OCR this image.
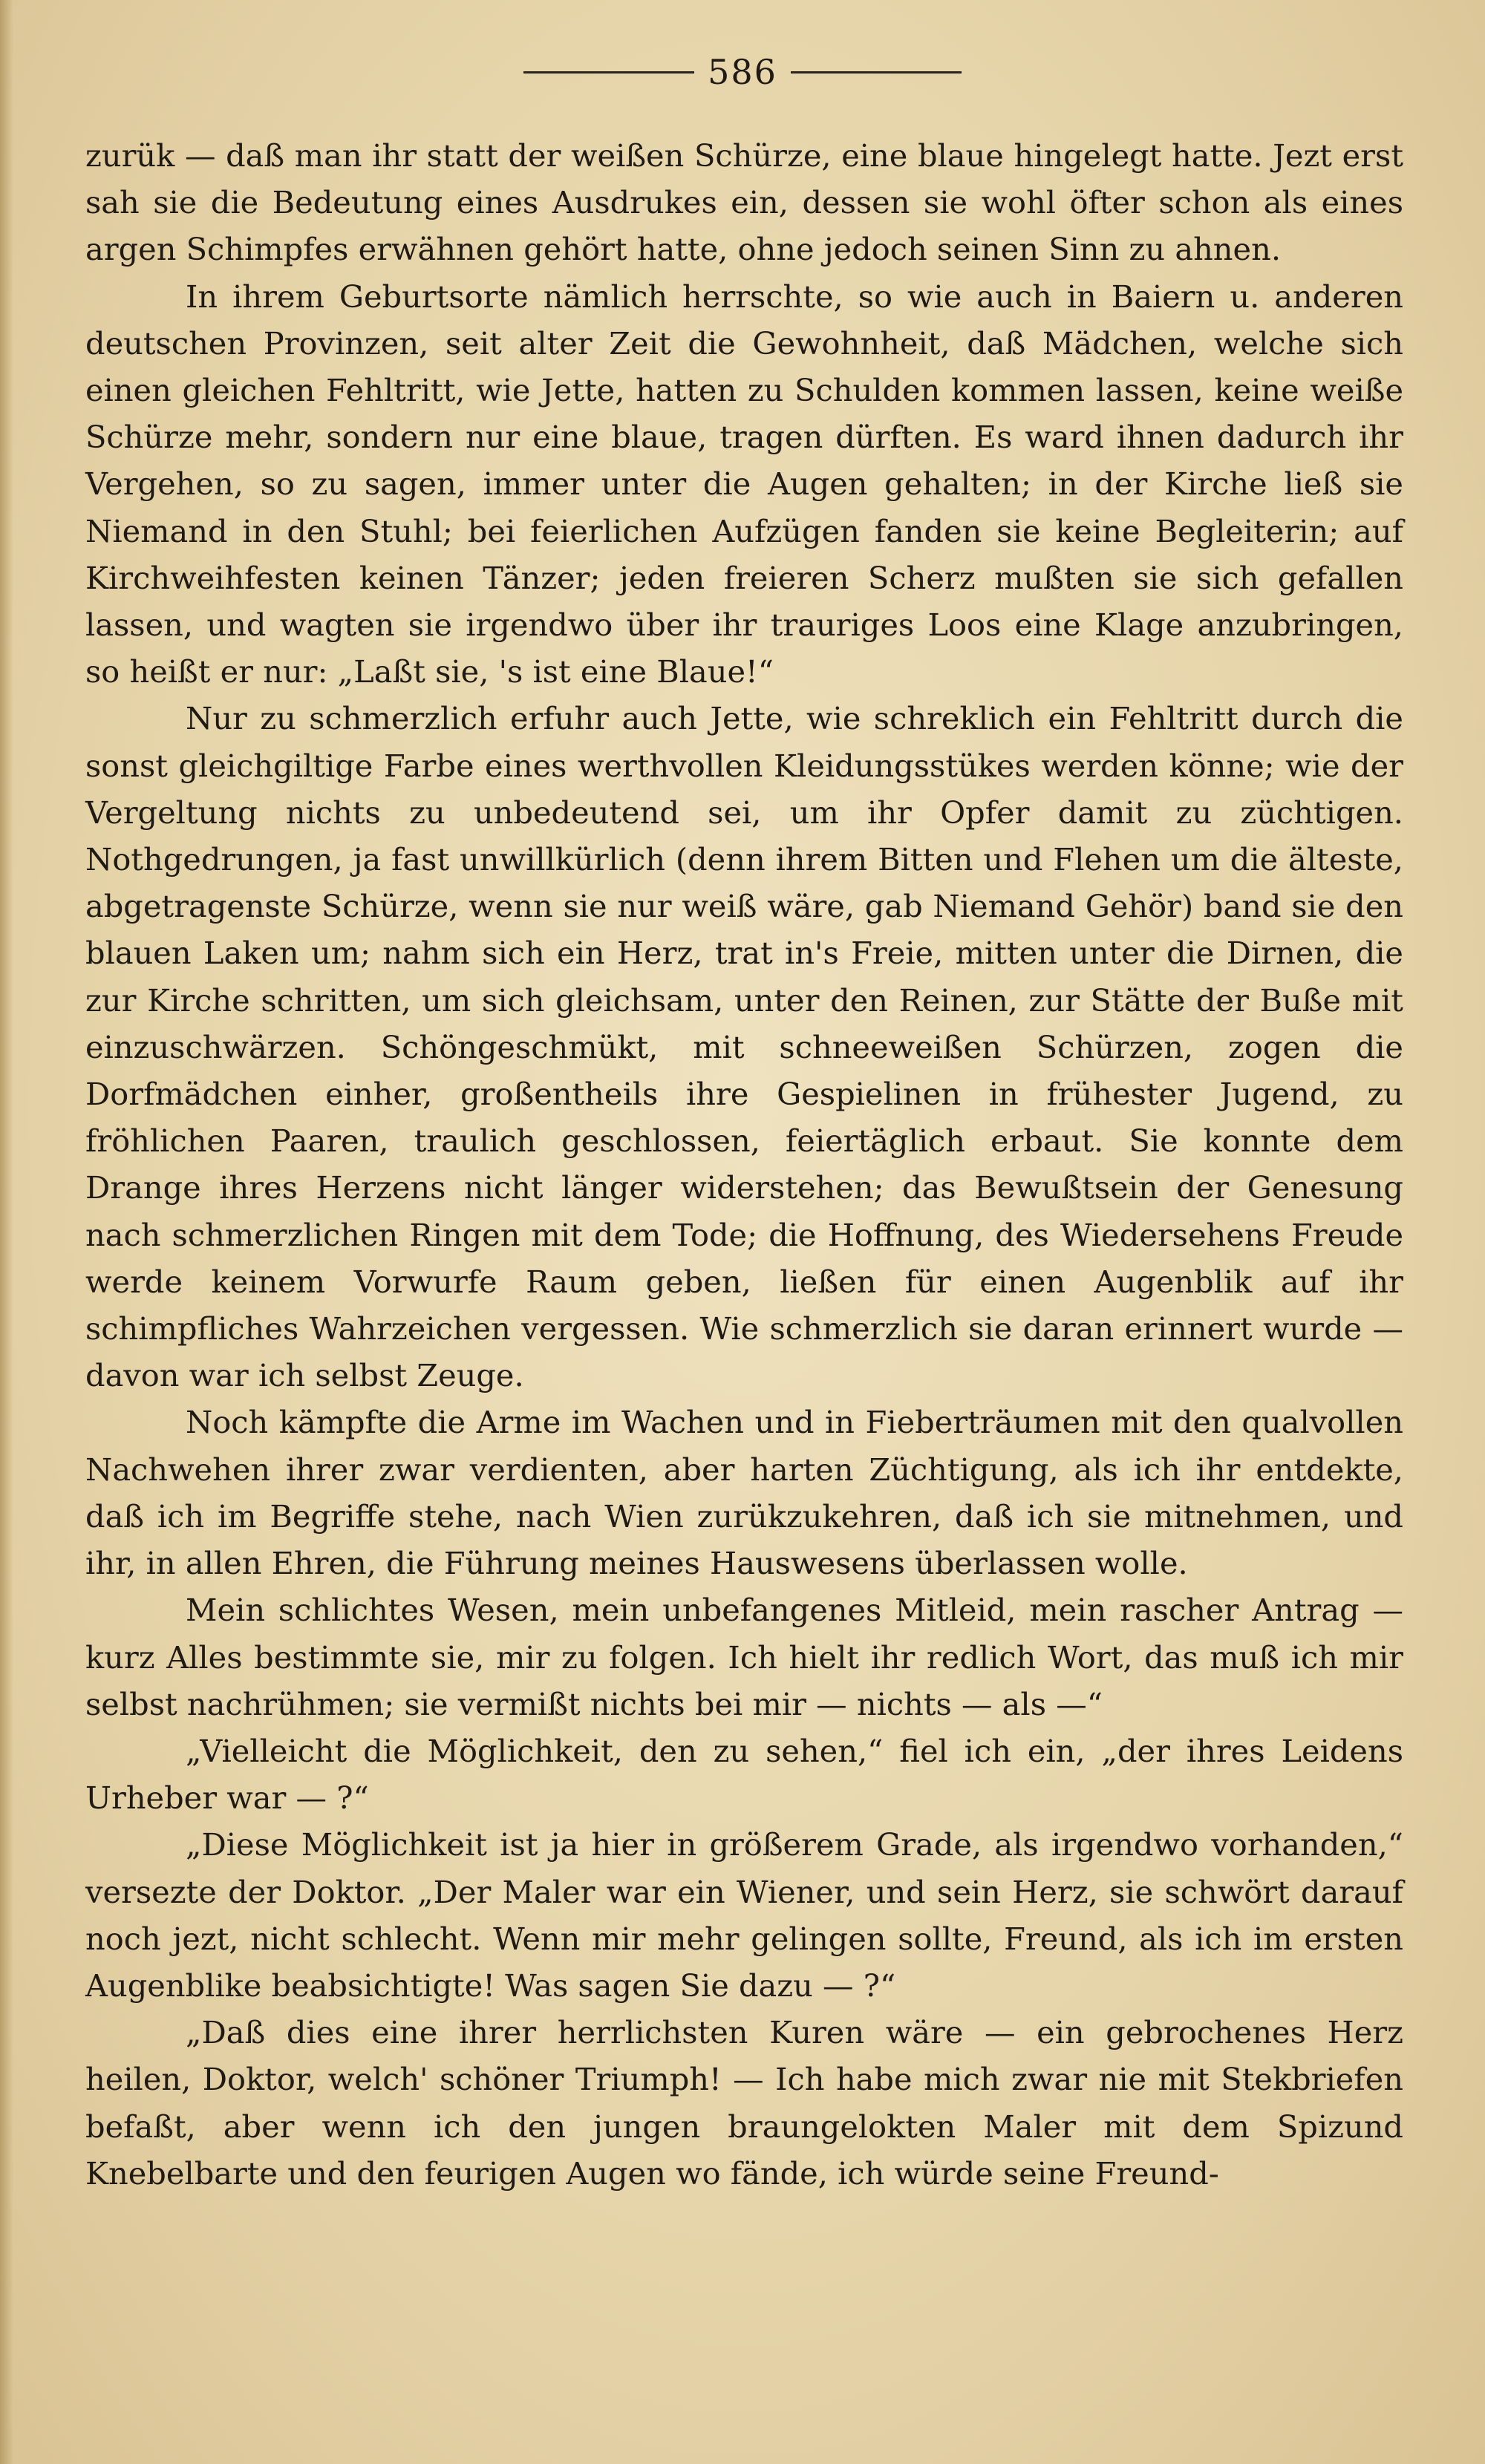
586

zurük — daß man ihr statt der weißen Schürze, eine blaue hingelegt hatte. Jezt erst sah sie die Bedeutung eines Ausdrukes ein, dessen sie wohl öfter schon als eines argen Schimpfes erwähnen gehört hatte, ohne jedoch seinen Sinn zu ahnen.

In ihrem Geburtsorte nämlich herrschte, so wie auch in Baiern u. anderen deutschen Provinzen, seit alter Zeit die Gewohnheit, daß Mädchen, welche sich einen gleichen Fehltritt, wie Jette, hatten zu Schulden kommen lassen, keine weiße Schürze mehr, sondern nur eine blaue, tragen dürften. Es ward ihnen dadurch ihr Vergehen, so zu sagen, immer unter die Augen gehalten; in der Kirche ließ sie Niemand in den Stuhl; bei feierlichen Aufzügen fanden sie keine Begleiterin; auf Kirchweihfesten keinen Tänzer; jeden freieren Scherz mußten sie sich gefallen lassen, und wagten sie irgendwo über ihr trauriges Loos eine Klage anzubringen, so heißt er nur: „Laßt sie, 's ist eine Blaue!“

Nur zu schmerzlich erfuhr auch Jette, wie schreklich ein Fehltritt durch die sonst gleichgiltige Farbe eines werthvollen Kleidungsstükes werden könne; wie der Vergeltung nichts zu unbedeutend sei, um ihr Opfer damit zu züchtigen. Nothgedrungen, ja fast unwillkürlich (denn ihrem Bitten und Flehen um die älteste, abgetragenste Schürze, wenn sie nur weiß wäre, gab Niemand Gehör) band sie den blauen Laken um; nahm sich ein Herz, trat in's Freie, mitten unter die Dirnen, die zur Kirche schritten, um sich gleichsam, unter den Reinen, zur Stätte der Buße mit einzuschwärzen. Schöngeschmükt, mit schneeweißen Schürzen, zogen die Dorfmädchen einher, großentheils ihre Gespielinen in frühester Jugend, zu fröhlichen Paaren, traulich geschlossen, feiertäglich erbaut. Sie konnte dem Drange ihres Herzens nicht länger widerstehen; das Bewußtsein der Genesung nach schmerzlichen Ringen mit dem Tode; die Hoffnung, des Wiedersehens Freude werde keinem Vorwurfe Raum geben, ließen für einen Augenblik auf ihr schimpfliches Wahrzeichen vergessen. Wie schmerzlich sie daran erinnert wurde — davon war ich selbst Zeuge.

Noch kämpfte die Arme im Wachen und in Fieberträumen mit den qualvollen Nachwehen ihrer zwar verdienten, aber harten Züchtigung, als ich ihr entdekte, daß ich im Begriffe stehe, nach Wien zurükzukehren, daß ich sie mitnehmen, und ihr, in allen Ehren, die Führung meines Hauswesens überlassen wolle.

Mein schlichtes Wesen, mein unbefangenes Mitleid, mein rascher Antrag — kurz Alles bestimmte sie, mir zu folgen. Ich hielt ihr redlich Wort, das muß ich mir selbst nachrühmen; sie vermißt nichts bei mir — nichts — als —“

„Vielleicht die Möglichkeit, den zu sehen,“ fiel ich ein, „der ihres Leidens Urheber war — ?“

„Diese Möglichkeit ist ja hier in größerem Grade, als irgendwo vorhanden,“ versezte der Doktor. „Der Maler war ein Wiener, und sein Herz, sie schwört darauf noch jezt, nicht schlecht. Wenn mir mehr gelingen sollte, Freund, als ich im ersten Augenblike beabsichtigte! Was sagen Sie dazu — ?“

„Daß dies eine ihrer herrlichsten Kuren wäre — ein gebrochenes Herz heilen, Doktor, welch' schöner Triumph! — Ich habe mich zwar nie mit Stekbriefen befaßt, aber wenn ich den jungen braungelokten Maler mit dem Spizund Knebelbarte und den feurigen Augen wo fände, ich würde seine Freund-
